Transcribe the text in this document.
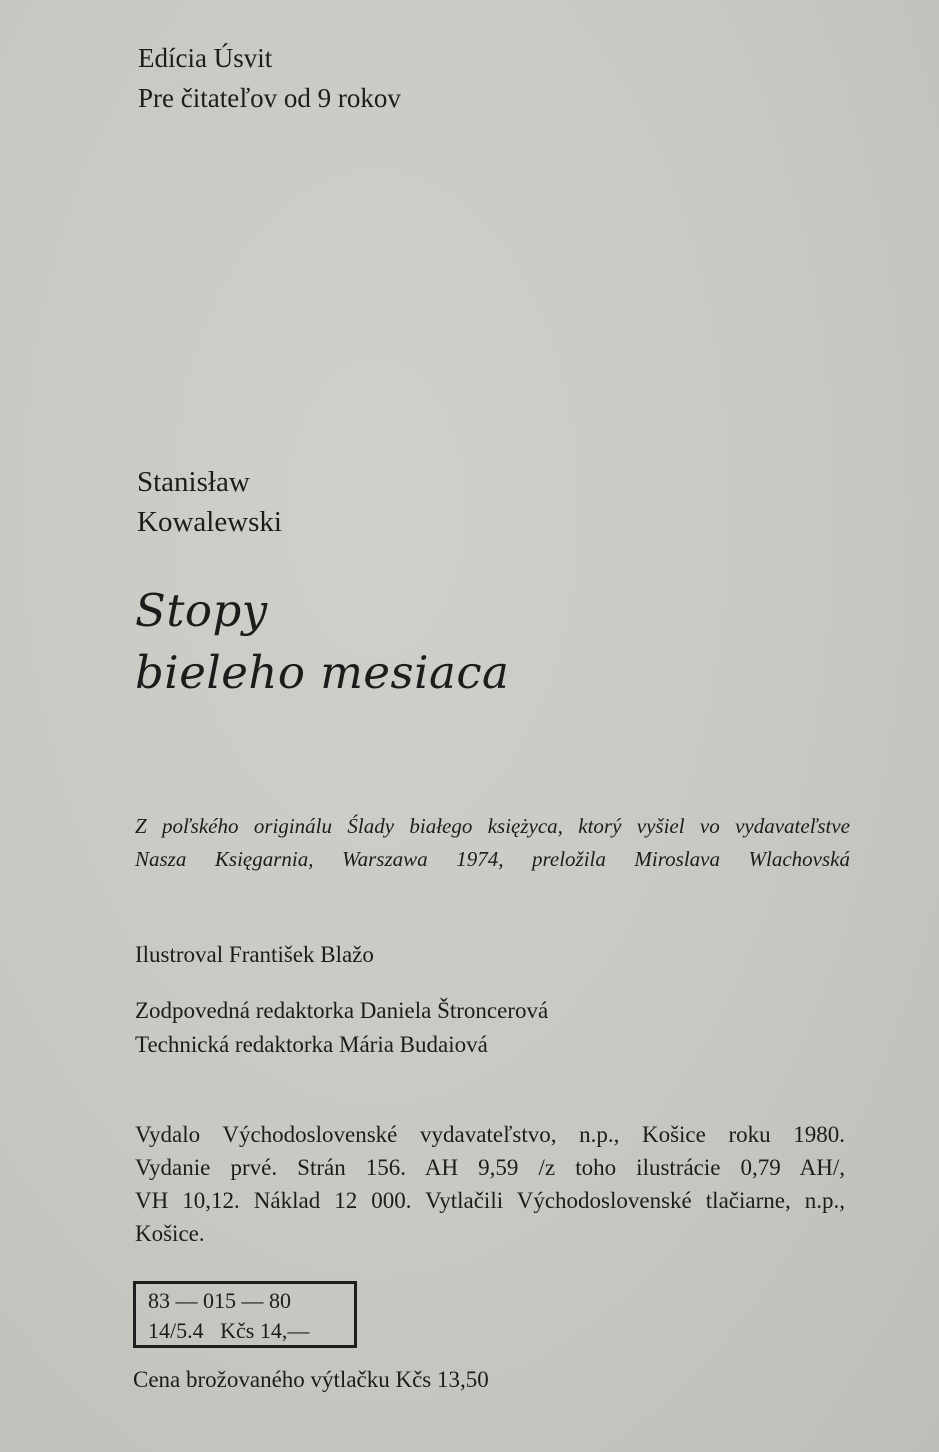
Edícia Úsvit
Pre čitateľov od 9 rokov
Stanisław
Kowalewski
Stopy
bieleho mesiaca
Z poľského originálu Ślady białego księżyca, ktorý vyšiel vo vydavateľstve
Nasza Księgarnia, Warszawa 1974, preložila Miroslava Wlachovská
Ilustroval František Blažo
Zodpovedná redaktorka Daniela Štroncerová
Technická redaktorka Mária Budaiová
Vydalo Východoslovenské vydavateľstvo, n.p., Košice roku 1980.
Vydanie prvé. Strán 156. AH 9,59 /z toho ilustrácie 0,79 AH/,
VH 10,12. Náklad 12 000. Vytlačili Východoslovenské tlačiarne, n.p.,
Košice.
83 — 015 — 80
14/5.4   Kčs 14,—
Cena brožovaného výtlačku Kčs 13,50
